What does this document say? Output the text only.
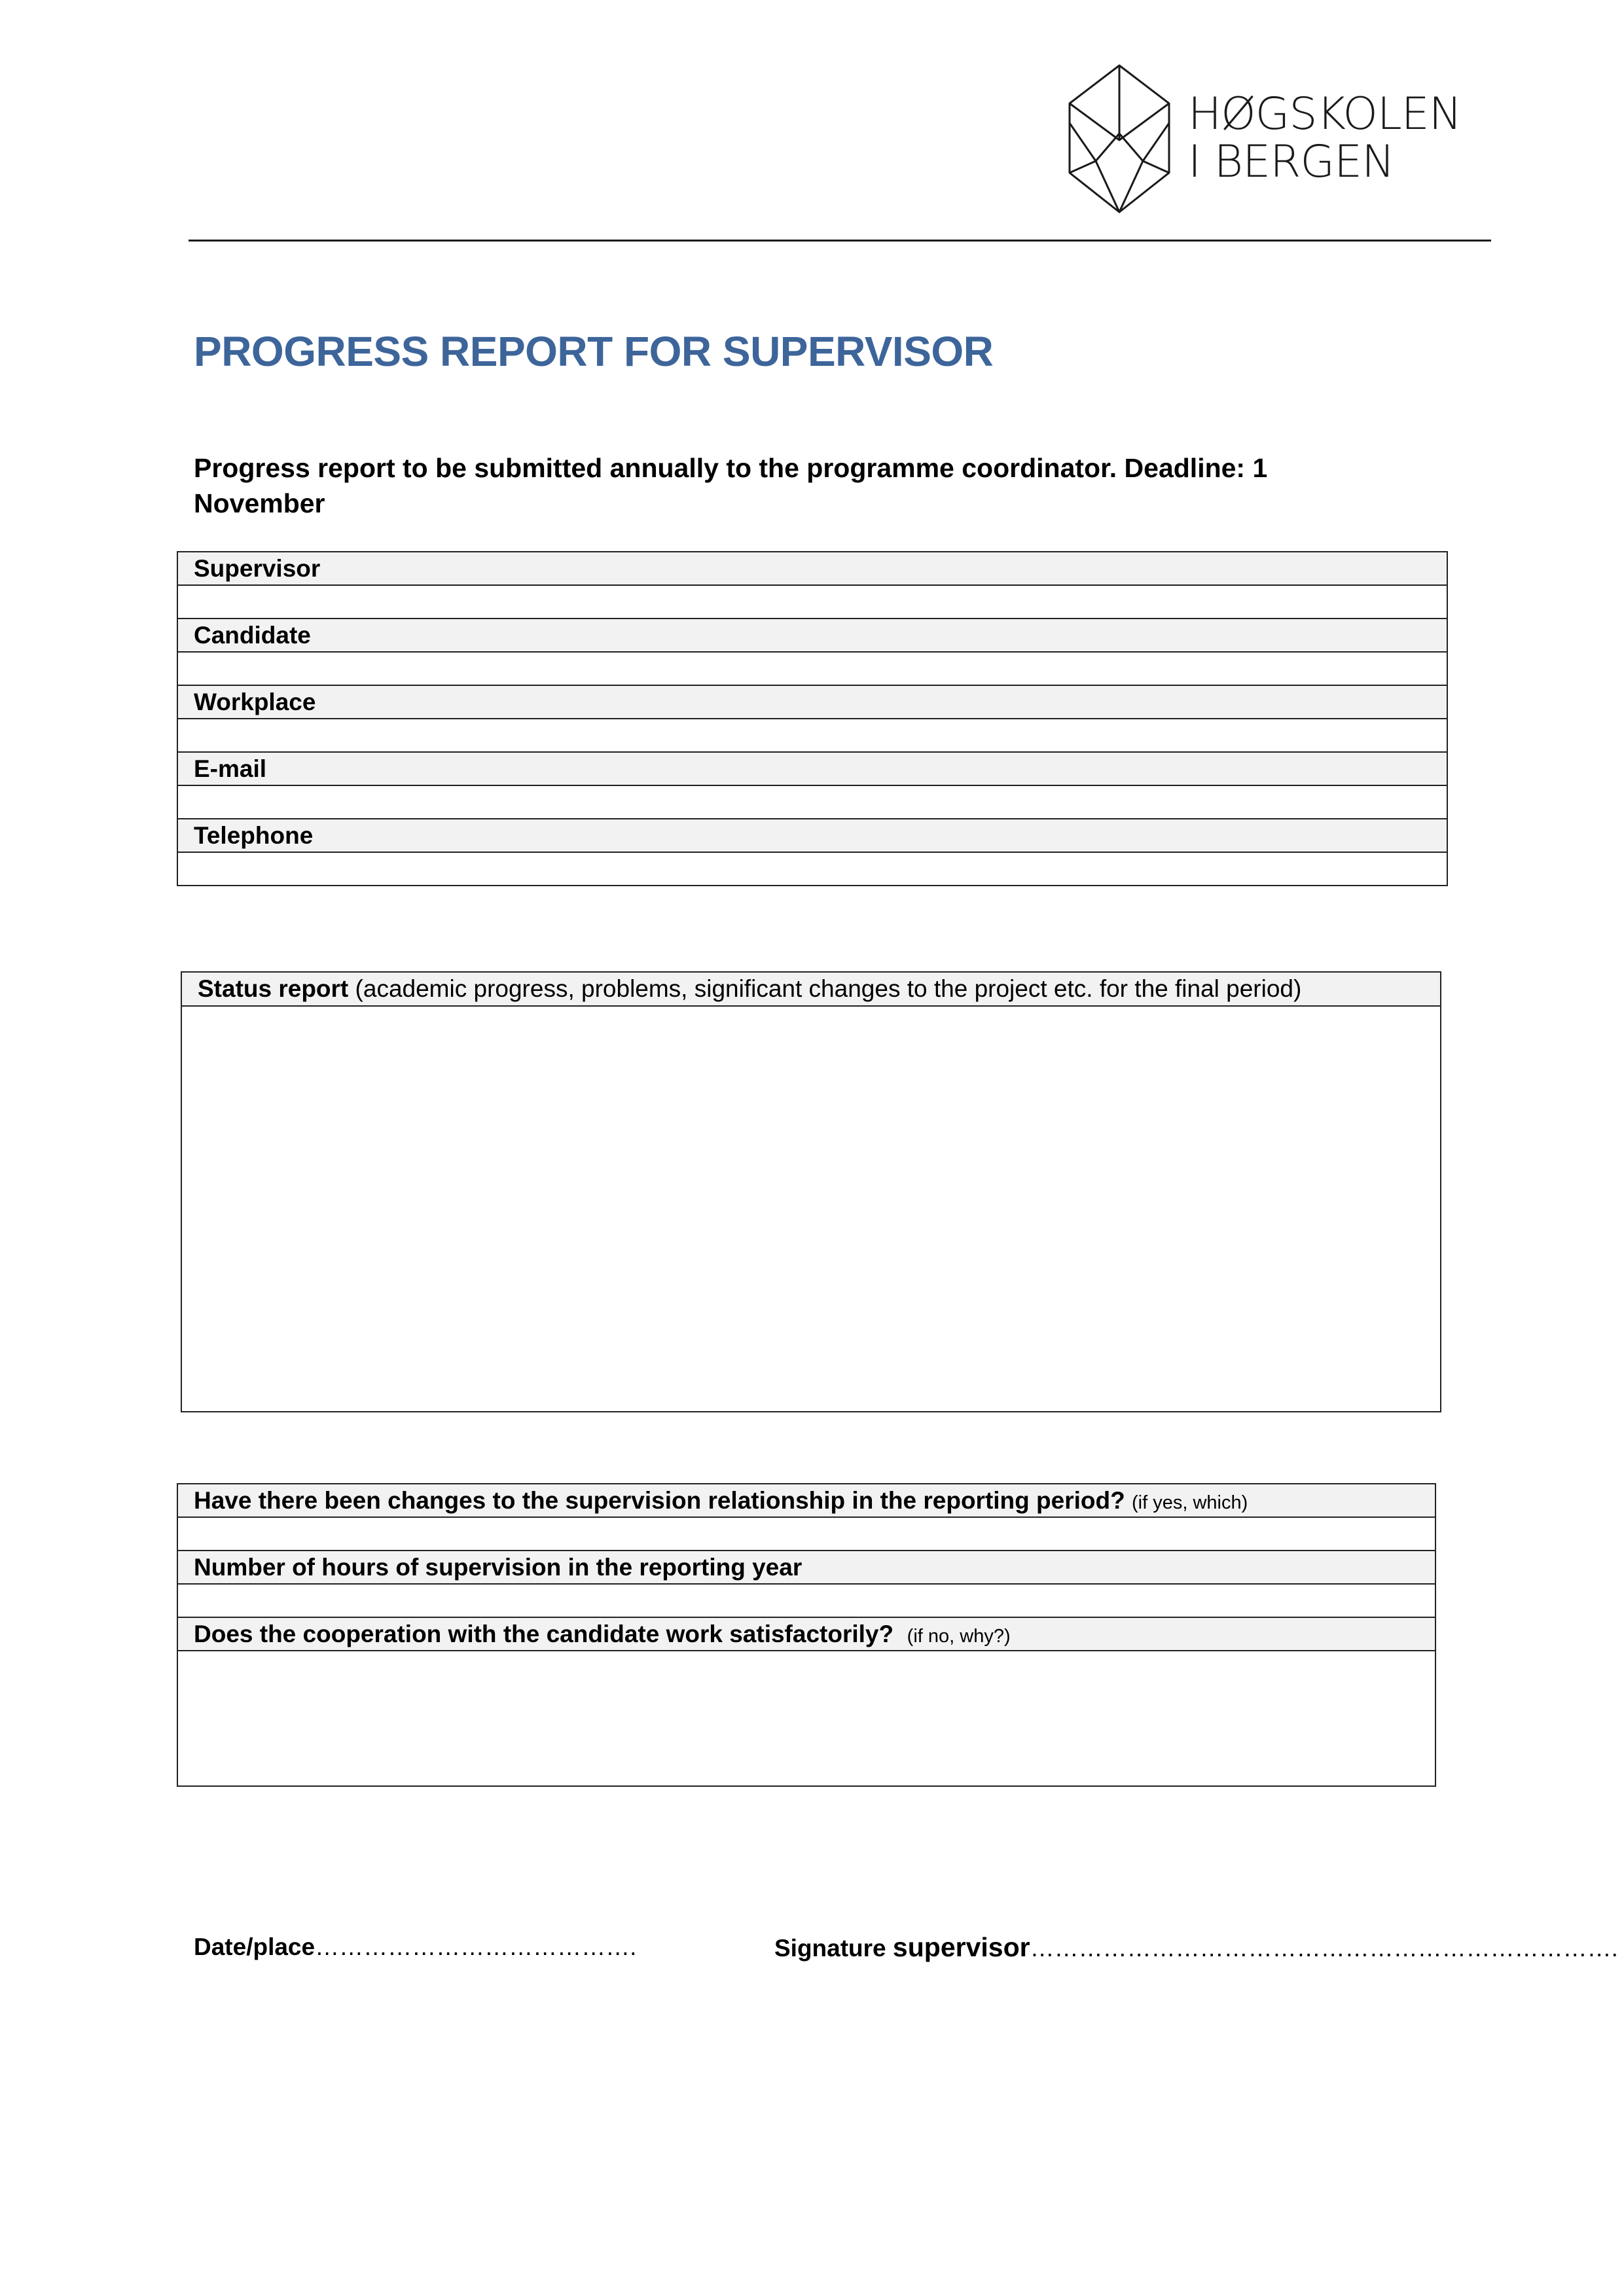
HØGSKOLEN
I BERGEN
PROGRESS REPORT FOR SUPERVISOR
Progress report to be submitted annually to the programme coordinator. Deadline: 1 November
Supervisor

Candidate

Workplace

E-mail

Telephone

Status report (academic progress, problems, significant changes to the project etc. for the final period)

Have there been changes to the supervision relationship in the reporting period? (if yes, which)

Number of hours of supervision in the reporting year

Does the cooperation with the candidate work satisfactorily? (if no, why?)

Date/place………………………………….	Signature supervisor……………………………………………………………….
